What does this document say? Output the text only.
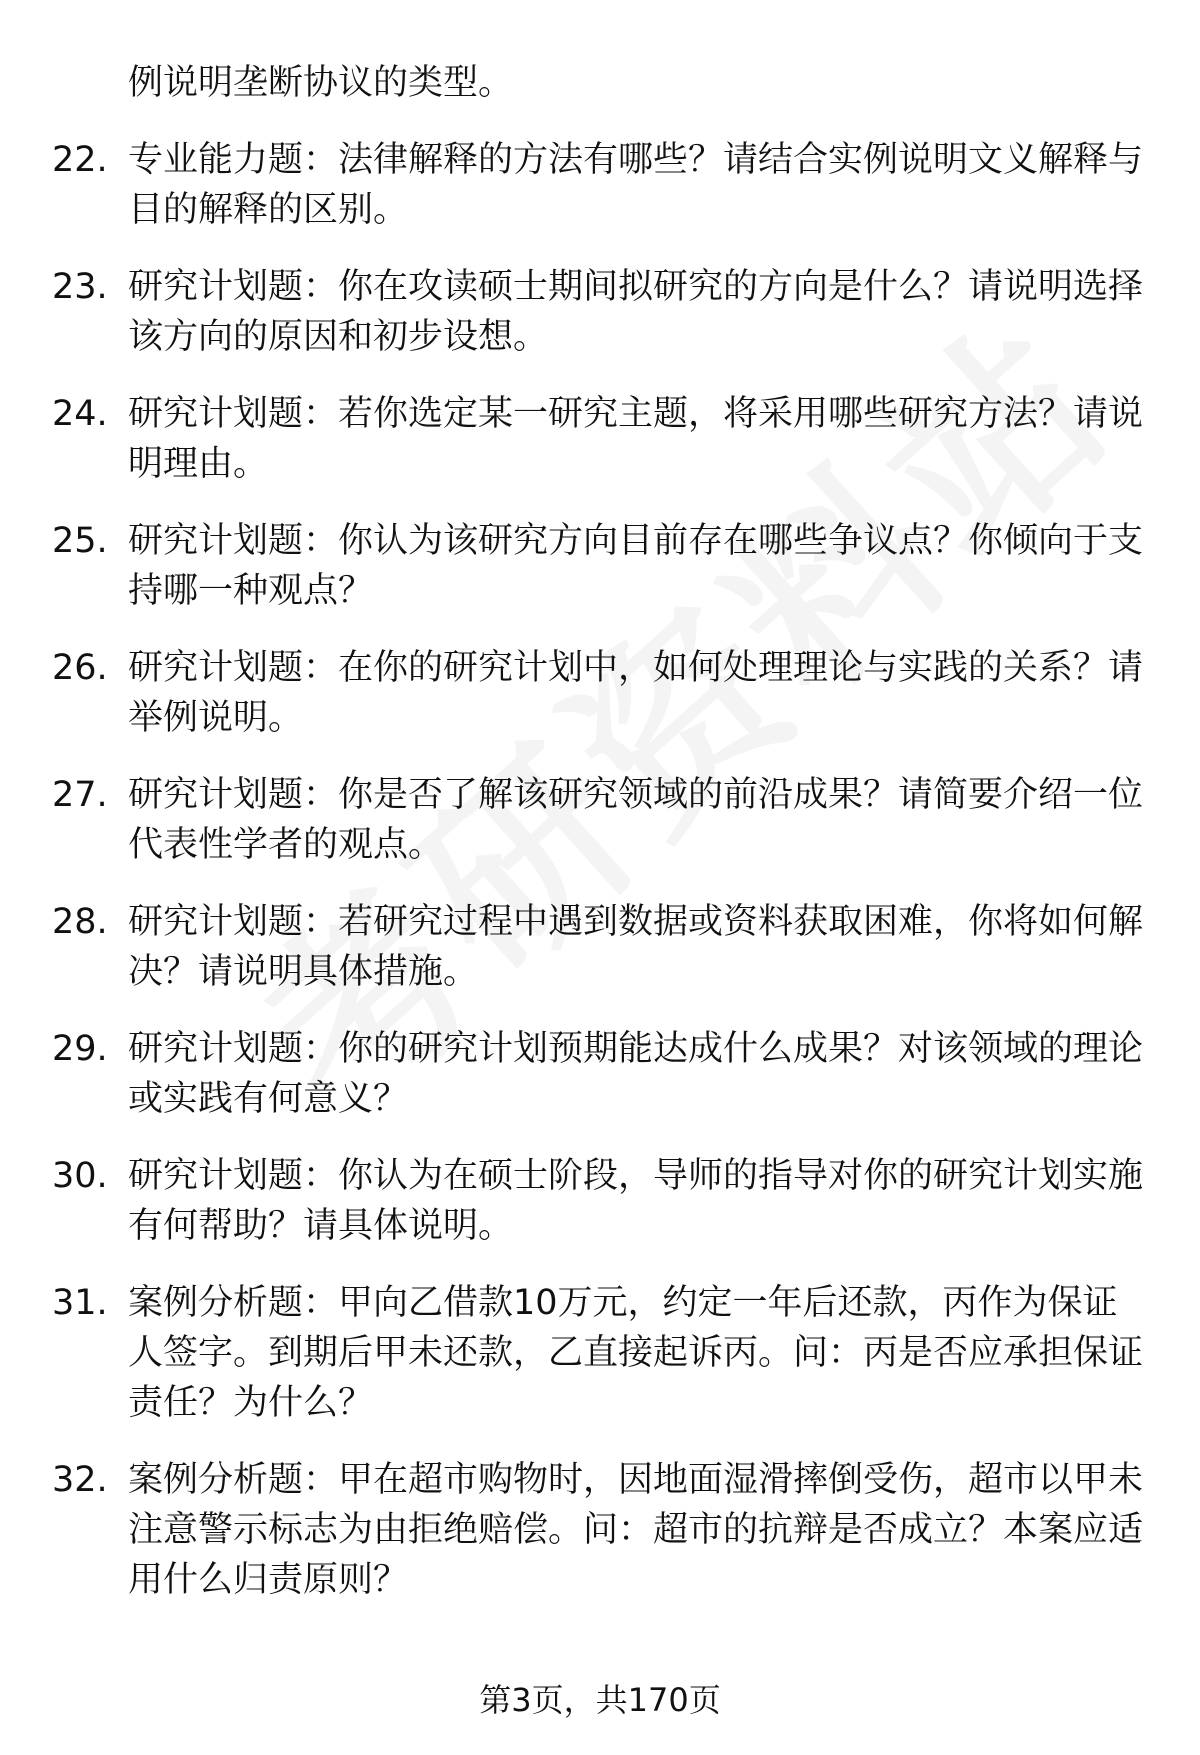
例说明垄断协议的类型。
22. 专业能力题：法律解释的方法有哪些？请结合实例说明文义解释与目的解释的区别。
23. 研究计划题：你在攻读硕士期间拟研究的方向是什么？请说明选择该方向的原因和初步设想。
24. 研究计划题：若你选定某一研究主题，将采用哪些研究方法？请说明理由。
25. 研究计划题：你认为该研究方向目前存在哪些争议点？你倾向于支持哪一种观点？
26. 研究计划题：在你的研究计划中，如何处理理论与实践的关系？请举例说明。
27. 研究计划题：你是否了解该研究领域的前沿成果？请简要介绍一位代表性学者的观点。
28. 研究计划题：若研究过程中遇到数据或资料获取困难，你将如何解决？请说明具体措施。
29. 研究计划题：你的研究计划预期能达成什么成果？对该领域的理论或实践有何意义？
30. 研究计划题：你认为在硕士阶段，导师的指导对你的研究计划实施有何帮助？请具体说明。
31. 案例分析题：甲向乙借款10万元，约定一年后还款，丙作为保证人签字。到期后甲未还款，乙直接起诉丙。问：丙是否应承担保证责任？为什么？
32. 案例分析题：甲在超市购物时，因地面湿滑摔倒受伤，超市以甲未注意警示标志为由拒绝赔偿。问：超市的抗辩是否成立？本案应适用什么归责原则？
第3页，共170页
